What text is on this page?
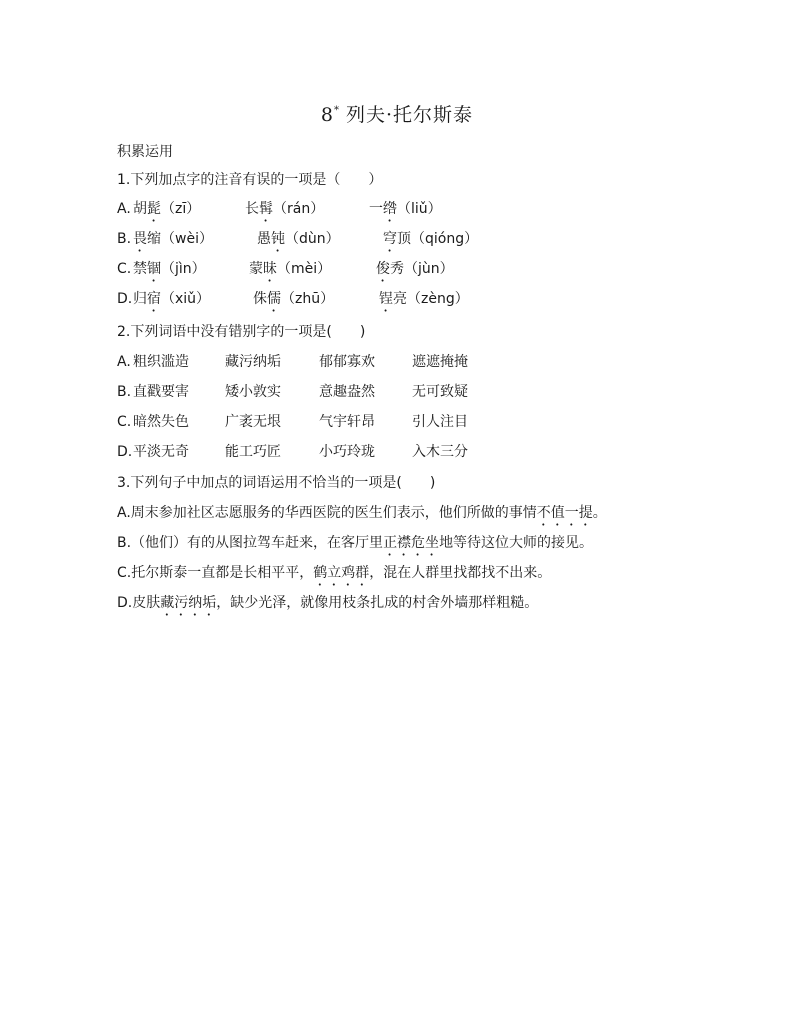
8* 列夫·托尔斯泰
积累运用
1.下列加点字的注音有误的一项是（　　）
A. 胡髭（zī）	长髯（rán）	一绺（liǔ）
B. 畏缩（wèi）	愚钝（dùn）	穹顶（qióng）
C. 禁锢（jìn）	蒙昧（mèi）	俊秀（jùn）
D. 归宿（xiǔ）	侏儒（zhū）	锃亮（zèng）
2.下列词语中没有错别字的一项是(　　)
A. 粗织滥造	藏污纳垢	郁郁寡欢	遮遮掩掩
B. 直戳要害	矮小敦实	意趣盎然	无可致疑
C. 暗然失色	广袤无垠	气宇轩昂	引人注目
D. 平淡无奇	能工巧匠	小巧玲珑	入木三分
3.下列句子中加点的词语运用不恰当的一项是(　　)
A.周末参加社区志愿服务的华西医院的医生们表示，他们所做的事情不值一提。
B.（他们）有的从图拉驾车赶来，在客厅里正襟危坐地等待这位大师的接见。
C.托尔斯泰一直都是长相平平，鹤立鸡群，混在人群里找都找不出来。
D.皮肤藏污纳垢，缺少光泽，就像用枝条扎成的村舍外墙那样粗糙。
